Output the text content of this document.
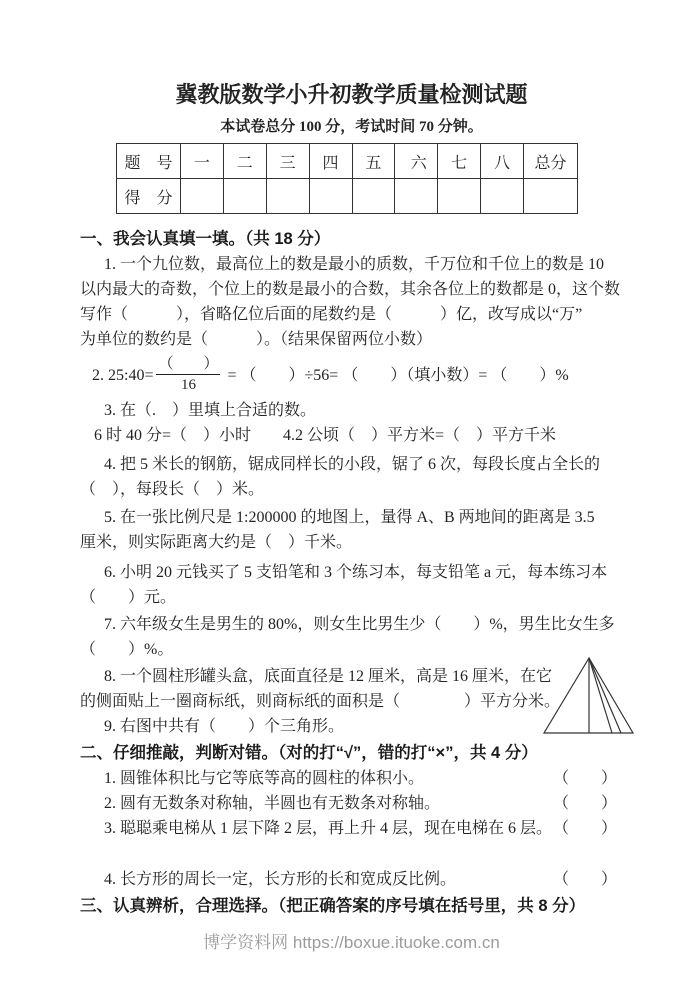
冀教版数学小升初教学质量检测试题
本试卷总分 100 分，考试时间 70 分钟。
题　号	一	二	三	四	五	六	七	八	总分
得　分									
一、我会认真填一填。（共 18 分）
1. 一个九位数，最高位上的数是最小的质数，千万位和千位上的数是 10
以内最大的奇数，个位上的数是最小的合数，其余各位上的数都是 0，这个数
写作（　　　），省略亿位后面的尾数约是（　　　）亿，改写成以“万”
为单位的数约是（　　　）。（结果保留两位小数）
2. 25:40= $\frac{( )}{16}$ = （　　）÷56= （　　）（填小数）= （　　）%
3. 在（.　）里填上合适的数。
6 时 40 分=（　）小时　　4.2 公顷（　）平方米=（　）平方千米
4. 把 5 米长的钢筋，锯成同样长的小段，锯了 6 次，每段长度占全长的
（　），每段长（　）米。
5. 在一张比例尺是 1:200000 的地图上，量得 A、B 两地间的距离是 3.5
厘米，则实际距离大约是（　）千米。
6. 小明 20 元钱买了 5 支铅笔和 3 个练习本，每支铅笔 a 元，每本练习本
（　　）元。
7. 六年级女生是男生的 80%，则女生比男生少（　　）%，男生比女生多
（　　）%。
8. 一个圆柱形罐头盒，底面直径是 12 厘米，高是 16 厘米，在它
的侧面贴上一圈商标纸，则商标纸的面积是（　　　　）平方分米。
9. 右图中共有（　　）个三角形。
二、仔细推敲，判断对错。（对的打“√”，错的打“×”，共 4 分）
1. 圆锥体积比与它等底等高的圆柱的体积小。	（　　）
2. 圆有无数条对称轴，半圆也有无数条对称轴。	（　　）
3. 聪聪乘电梯从 1 层下降 2 层，再上升 4 层，现在电梯在 6 层。 （　　）
4. 长方形的周长一定，长方形的长和宽成反比例。	（　　）
三、认真辨析，合理选择。（把正确答案的序号填在括号里，共 8 分）
博学资料网 https://boxue.ituoke.com.cn
